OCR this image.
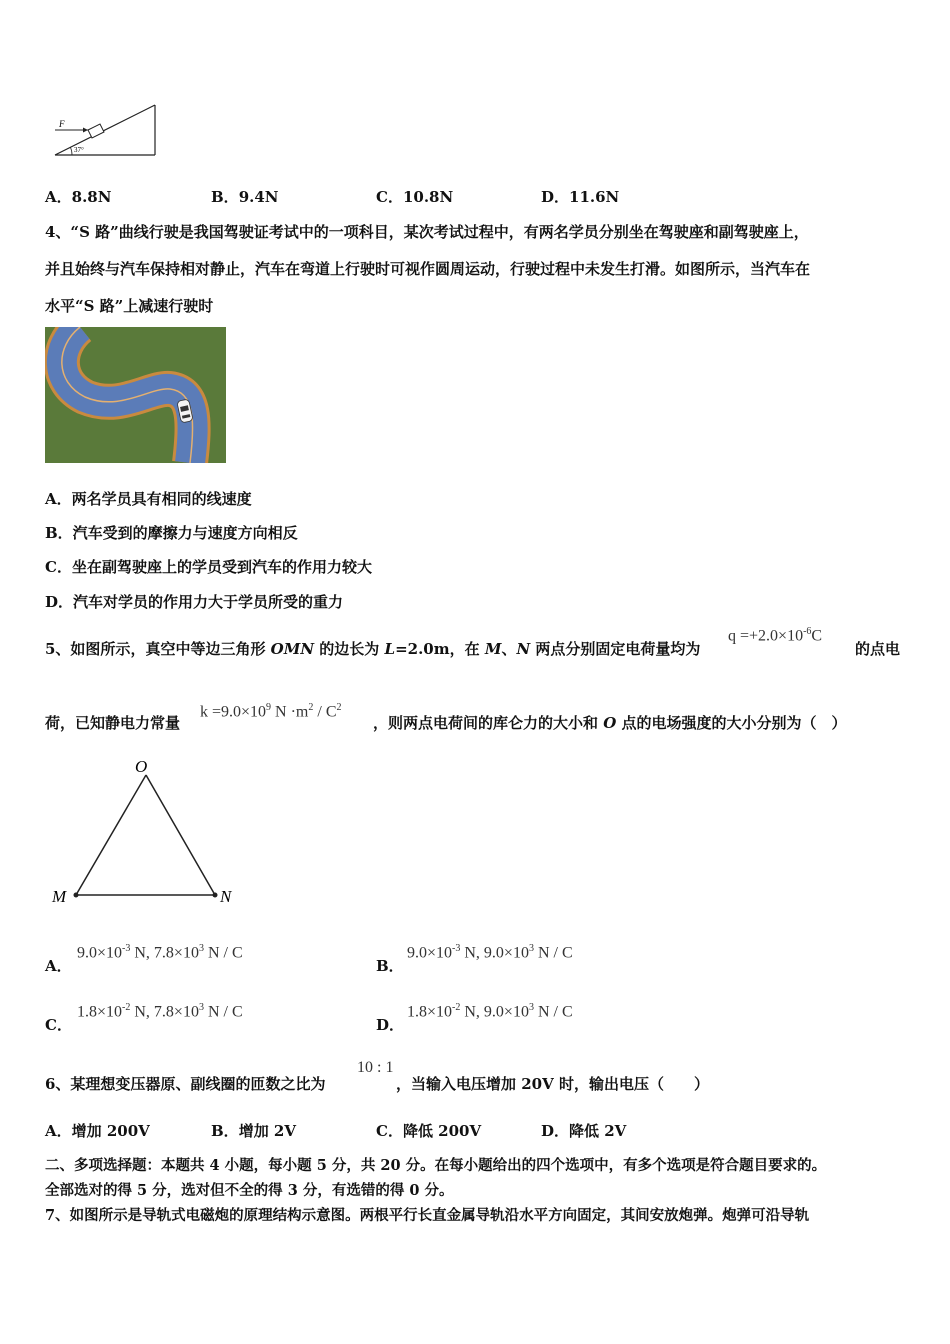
F
37°
A．8.8N	B．9.4N	C．10.8N	D．11.6N
4、“S 路”曲线行驶是我国驾驶证考试中的一项科目，某次考试过程中，有两名学员分别坐在驾驶座和副驾驶座上，
并且始终与汽车保持相对静止，汽车在弯道上行驶时可视作圆周运动，行驶过程中未发生打滑。如图所示，当汽车在
水平“S 路”上减速行驶时
A．两名学员具有相同的线速度
B．汽车受到的摩擦力与速度方向相反
C．坐在副驾驶座上的学员受到汽车的作用力较大
D．汽车对学员的作用力大于学员所受的重力
5、如图所示，真空中等边三角形 OMN 的边长为 L=2.0m，在 M、N 两点分别固定电荷量均为
$q =+2.0\times 10^{-6}C$
的点电
荷，已知静电力常量
$k =9.0\times 10^9$ $N \cdot m^2 / C^2$
，则两点电荷间的库仑力的大小和 O 点的电场强度的大小分别为（　）
O
M	N
A．
$9.0\times 10^{-3}$ N, $7.8\times 10^3$ N / C
B．
$9.0\times 10^{-3}$ N, $9.0\times 10^3$ N / C
C．
$1.8\times 10^{-2}$ N, $7.8\times 10^3$ N / C
D．
$1.8\times 10^{-2}$ N, $9.0\times 10^3$ N / C
6、某理想变压器原、副线圈的匝数之比为
10 : 1
，当输入电压增加 20V 时，输出电压（　　）
A．增加 200V	B．增加 2V	C．降低 200V	D．降低 2V
二、多项选择题：本题共 4 小题，每小题 5 分，共 20 分。在每小题给出的四个选项中，有多个选项是符合题目要求的。
全部选对的得 5 分，选对但不全的得 3 分，有选错的得 0 分。
7、如图所示是导轨式电磁炮的原理结构示意图。两根平行长直金属导轨沿水平方向固定，其间安放炮弹。炮弹可沿导轨
